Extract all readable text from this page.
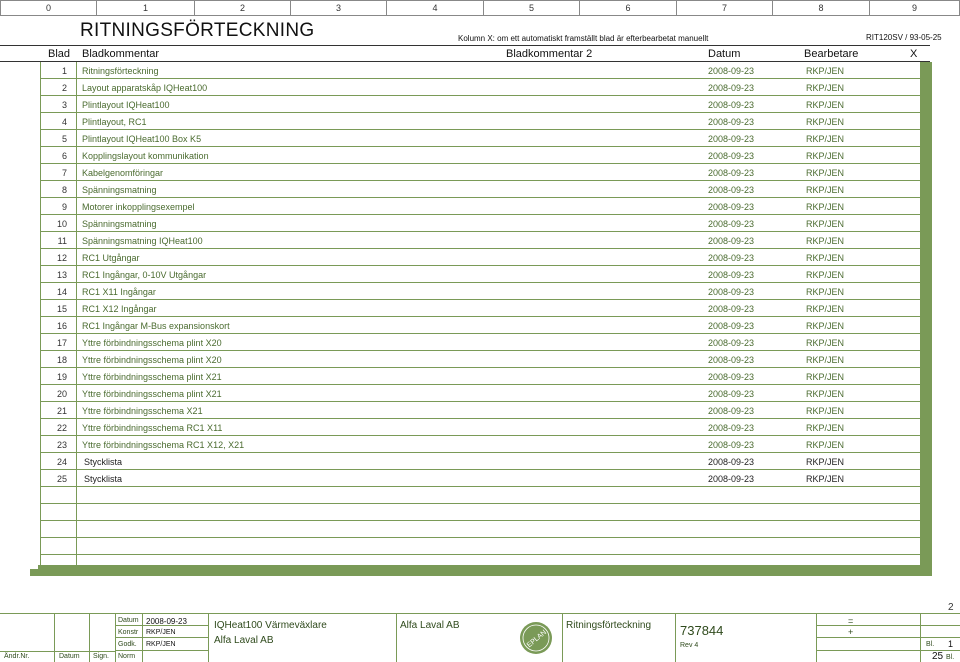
0	1	2	3	4	5	6	7	8	9
RITNINGSFÖRTECKNING	Kolumn X: om ett automatiskt framställt blad är efterbearbetat manuellt	RIT120SV / 93-05-25
Blad Bladkommentar	Bladkommentar 2	Datum	Bearbetare	X
1 Ritningsförteckning	2008-09-23	RKP/JEN
2 Layout apparatskåp IQHeat100	2008-09-23	RKP/JEN
3 Plintlayout IQHeat100	2008-09-23	RKP/JEN
4 Plintlayout, RC1	2008-09-23	RKP/JEN
5 Plintlayout IQHeat100 Box K5	2008-09-23	RKP/JEN
6 Kopplingslayout kommunikation	2008-09-23	RKP/JEN
7 Kabelgenomföringar	2008-09-23	RKP/JEN
8 Spänningsmatning	2008-09-23	RKP/JEN
9 Motorer inkopplingsexempel	2008-09-23	RKP/JEN
10 Spänningsmatning	2008-09-23	RKP/JEN
11 Spänningsmatning IQHeat100	2008-09-23	RKP/JEN
12 RC1 Utgångar	2008-09-23	RKP/JEN
13 RC1 Ingångar, 0-10V Utgångar	2008-09-23	RKP/JEN
14 RC1 X11 Ingångar	2008-09-23	RKP/JEN
15 RC1 X12 Ingångar	2008-09-23	RKP/JEN
16 RC1 Ingångar M-Bus expansionskort	2008-09-23	RKP/JEN
17 Yttre förbindningsschema plint X20	2008-09-23	RKP/JEN
18 Yttre förbindningsschema plint X20	2008-09-23	RKP/JEN
19 Yttre förbindningsschema plint X21	2008-09-23	RKP/JEN
20 Yttre förbindningsschema plint X21	2008-09-23	RKP/JEN
21 Yttre förbindningsschema X21	2008-09-23	RKP/JEN
22 Yttre förbindningsschema RC1 X11	2008-09-23	RKP/JEN
23 Yttre förbindningsschema RC1 X12, X21	2008-09-23	RKP/JEN
24 Stycklista	2008-09-23	RKP/JEN
25 Stycklista	2008-09-23	RKP/JEN
2
Ändr.Nr.	Datum Sign.
Datum 2008-09-23
Konstr RKP/JEN
Godk. RKP/JEN
Norm
IQHeat100 Värmeväxlare
Alfa Laval AB
Alfa Laval AB	Ritningsförteckning 737844
Rev 4
=
+
Bl. 1
25 Bl.
EPLAN
